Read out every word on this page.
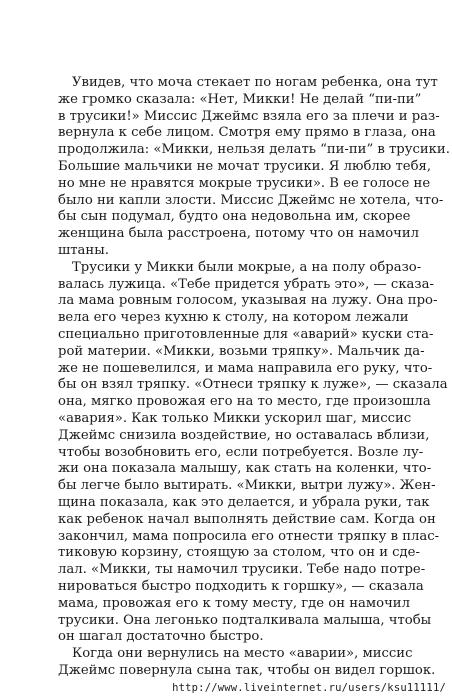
Увидев, что моча стекает по ногам ребенка, она тут
же громко сказала: «Нет, Микки! Не делай “пи-пи”
в трусики!» Миссис Джеймс взяла его за плечи и раз-
вернула к себе лицом. Смотря ему прямо в глаза, она
продолжила: «Микки, нельзя делать “пи-пи” в трусики.
Большие мальчики не мочат трусики. Я люблю тебя,
но мне не нравятся мокрые трусики». В ее голосе не
было ни капли злости. Миссис Джеймс не хотела, что-
бы сын подумал, будто она недовольна им, скорее
женщина была расстроена, потому что он намочил
штаны.
Трусики у Микки были мокрые, а на полу образо-
валась лужица. «Тебе придется убрать это», — сказа-
ла мама ровным голосом, указывая на лужу. Она про-
вела его через кухню к столу, на котором лежали
специально приготовленные для «аварий» куски ста-
рой материи. «Микки, возьми тряпку». Мальчик да-
же не пошевелился, и мама направила его руку, что-
бы он взял тряпку. «Отнеси тряпку к луже», — сказала
она, мягко провожая его на то место, где произошла
«авария». Как только Микки ускорил шаг, миссис
Джеймс снизила воздействие, но оставалась вблизи,
чтобы возобновить его, если потребуется. Возле лу-
жи она показала малышу, как стать на коленки, что-
бы легче было вытирать. «Микки, вытри лужу». Жен-
щина показала, как это делается, и убрала руки, так
как ребенок начал выполнять действие сам. Когда он
закончил, мама попросила его отнести тряпку в плас-
тиковую корзину, стоящую за столом, что он и сде-
лал. «Микки, ты намочил трусики. Тебе надо потре-
нироваться быстро подходить к горшку», — сказала
мама, провожая его к тому месту, где он намочил
трусики. Она легонько подталкивала малыша, чтобы
он шагал достаточно быстро.
Когда они вернулись на место «аварии», миссис
Джеймс повернула сына так, чтобы он видел горшок.
http://www.liveinternet.ru/users/ksu11111/
